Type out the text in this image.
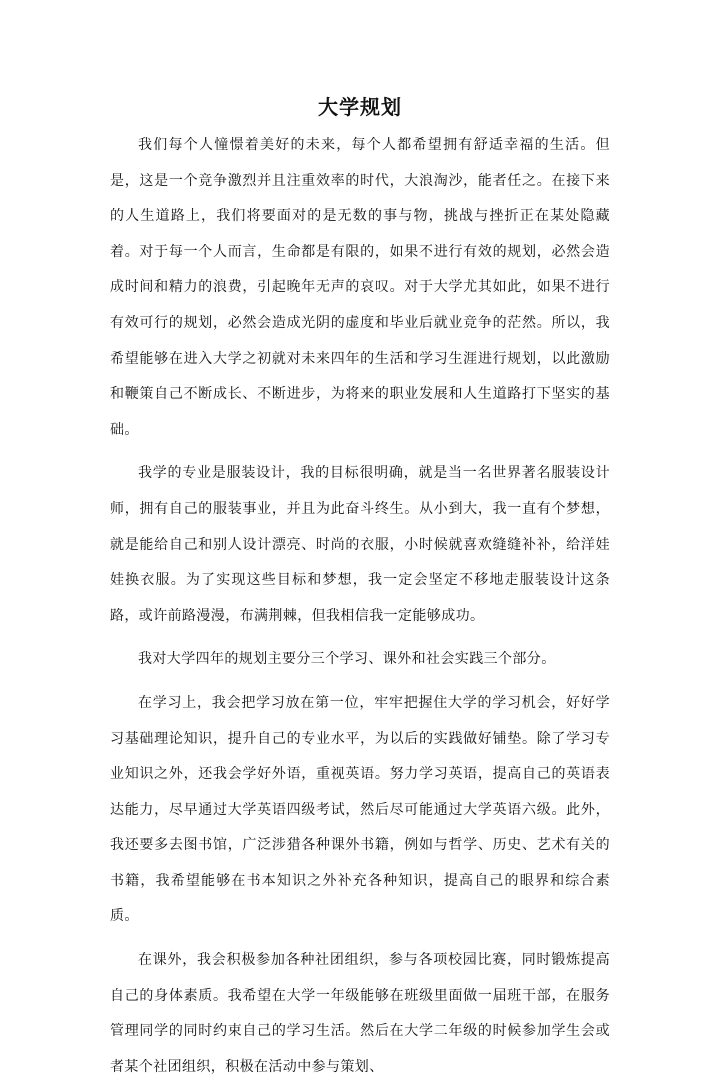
大学规划

我们每个人憧憬着美好的未来，每个人都希望拥有舒适幸福的生活。但是，这是一个竞争激烈并且注重效率的时代，大浪淘沙，能者任之。在接下来的人生道路上，我们将要面对的是无数的事与物，挑战与挫折正在某处隐藏着。对于每一个人而言，生命都是有限的，如果不进行有效的规划，必然会造成时间和精力的浪费，引起晚年无声的哀叹。对于大学尤其如此，如果不进行有效可行的规划，必然会造成光阴的虚度和毕业后就业竞争的茫然。所以，我希望能够在进入大学之初就对未来四年的生活和学习生涯进行规划，以此激励和鞭策自己不断成长、不断进步，为将来的职业发展和人生道路打下坚实的基础。

我学的专业是服装设计，我的目标很明确，就是当一名世界著名服装设计师，拥有自己的服装事业，并且为此奋斗终生。从小到大，我一直有个梦想，就是能给自己和别人设计漂亮、时尚的衣服，小时候就喜欢缝缝补补，给洋娃娃换衣服。为了实现这些目标和梦想，我一定会坚定不移地走服装设计这条路，或许前路漫漫，布满荆棘，但我相信我一定能够成功。

我对大学四年的规划主要分三个学习、课外和社会实践三个部分。

在学习上，我会把学习放在第一位，牢牢把握住大学的学习机会，好好学习基础理论知识，提升自己的专业水平，为以后的实践做好铺垫。除了学习专业知识之外，还我会学好外语，重视英语。努力学习英语，提高自己的英语表达能力，尽早通过大学英语四级考试，然后尽可能通过大学英语六级。此外，我还要多去图书馆，广泛涉猎各种课外书籍，例如与哲学、历史、艺术有关的书籍，我希望能够在书本知识之外补充各种知识，提高自己的眼界和综合素质。

在课外，我会积极参加各种社团组织，参与各项校园比赛，同时锻炼提高自己的身体素质。我希望在大学一年级能够在班级里面做一届班干部，在服务管理同学的同时约束自己的学习生活。然后在大学二年级的时候参加学生会或者某个社团组织，积极在活动中参与策划、
